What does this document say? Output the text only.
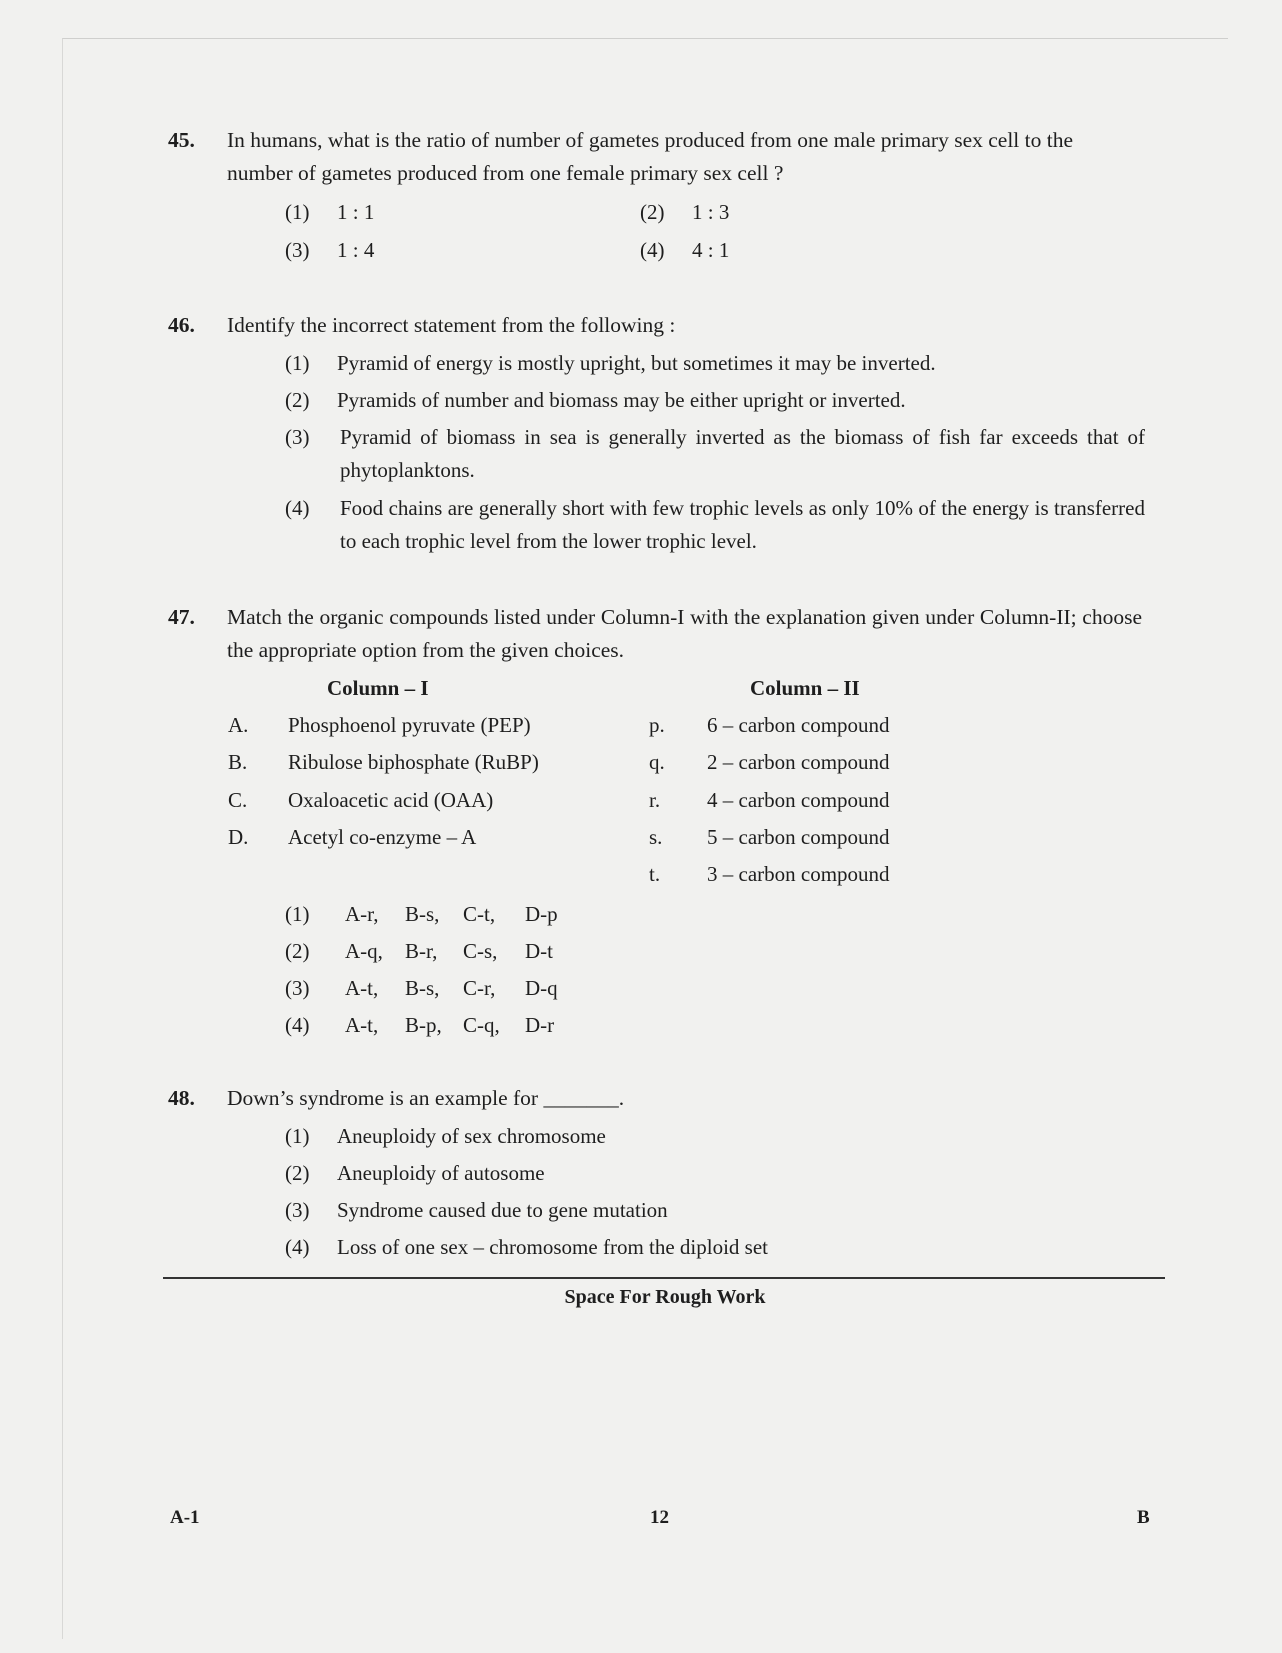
45. In humans, what is the ratio of number of gametes produced from one male primary sex cell to the number of gametes produced from one female primary sex cell ?
(1) 1 : 1	(2) 1 : 3
(3) 1 : 4	(4) 4 : 1
46. Identify the incorrect statement from the following :
(1) Pyramid of energy is mostly upright, but sometimes it may be inverted.
(2) Pyramids of number and biomass may be either upright or inverted.
(3)	Pyramid of biomass in sea is generally inverted as the biomass of fish far exceeds that of phytoplanktons.
(4)	Food chains are generally short with few trophic levels as only 10% of the energy is transferred to each trophic level from the lower trophic level.
47. Match the organic compounds listed under Column-I with the explanation given under Column-II; choose the appropriate option from the given choices.
Column – I	Column – II
A. Phosphoenol pyruvate (PEP)	p. 6 – carbon compound
B. Ribulose biphosphate (RuBP)	q. 2 – carbon compound
C. Oxaloacetic acid (OAA)	r. 4 – carbon compound
D. Acetyl co-enzyme – A	s. 5 – carbon compound
t. 3 – carbon compound
(1) A-r, B-s, C-t, D-p
(2) A-q, B-r, C-s, D-t
(3) A-t, B-s, C-r, D-q
(4) A-t, B-p, C-q, D-r
48. Down’s syndrome is an example for _______.
(1) Aneuploidy of sex chromosome
(2) Aneuploidy of autosome
(3) Syndrome caused due to gene mutation
(4) Loss of one sex – chromosome from the diploid set
Space For Rough Work
A-1	12	B
